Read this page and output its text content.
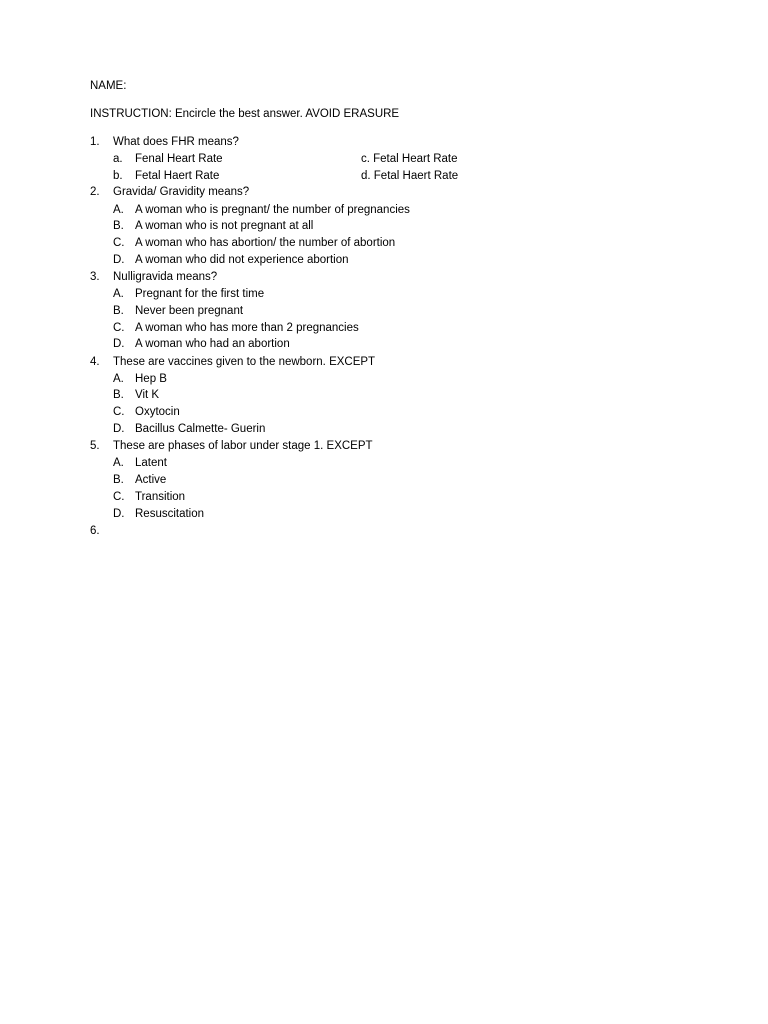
NAME:
INSTRUCTION: Encircle the best answer. AVOID ERASURE
1. What does FHR means?
a. Fenal Heart Rate	c. Fetal Heart Rate
b. Fetal Haert Rate	d. Fetal Haert Rate
2. Gravida/ Gravidity means?
A. A woman who is pregnant/ the number of pregnancies
B. A woman who is not pregnant at all
C. A woman who has abortion/ the number of abortion
D. A woman who did not experience abortion
3. Nulligravida means?
A. Pregnant for the first time
B. Never been pregnant
C. A woman who has more than 2 pregnancies
D. A woman who had an abortion
4. These are vaccines given to the newborn. EXCEPT
A. Hep B
B. Vit K
C. Oxytocin
D. Bacillus Calmette- Guerin
5. These are phases of labor under stage 1. EXCEPT
A. Latent
B. Active
C. Transition
D. Resuscitation
6.
